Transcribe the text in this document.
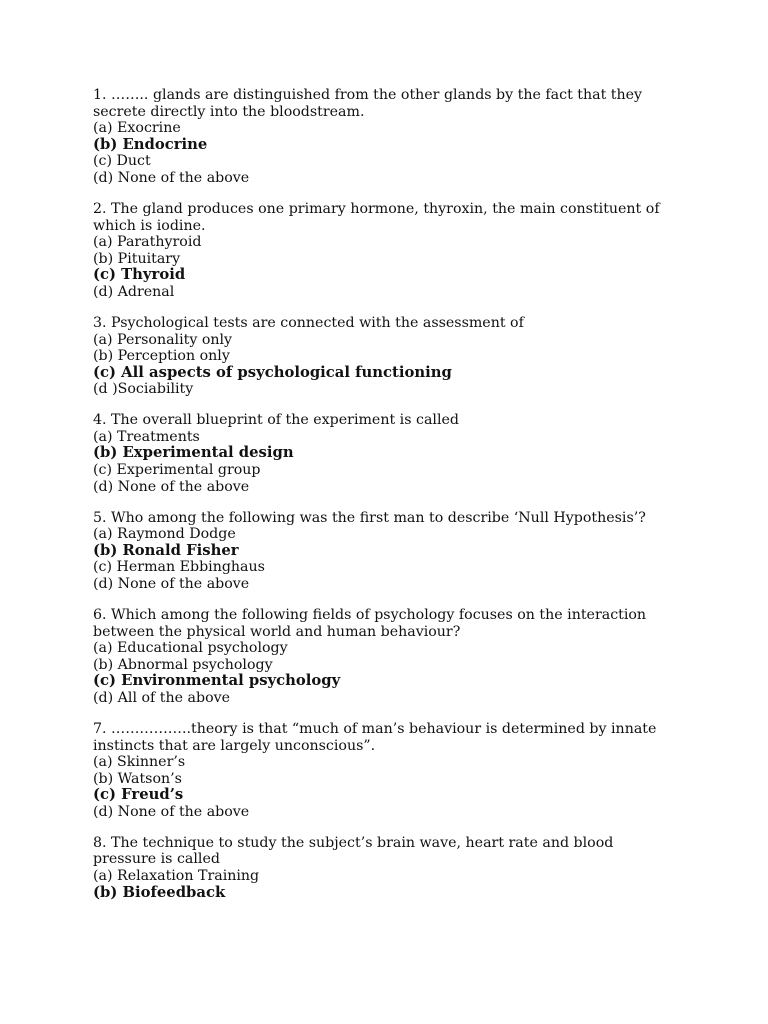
1. …….. glands are distinguished from the other glands by the fact that they secrete directly into the bloodstream.
(a) Exocrine
(b) Endocrine
(c) Duct
(d) None of the above
2. The gland produces one primary hormone, thyroxin, the main constituent of which is iodine.
(a) Parathyroid
(b) Pituitary
(c) Thyroid
(d) Adrenal
3. Psychological tests are connected with the assessment of
(a) Personality only
(b) Perception only
(c) All aspects of psychological functioning
(d )Sociability
4. The overall blueprint of the experiment is called
(a) Treatments
(b) Experimental design
(c) Experimental group
(d) None of the above
5. Who among the following was the first man to describe ‘Null Hypothesis’?
(a) Raymond Dodge
(b) Ronald Fisher
(c) Herman Ebbinghaus
(d) None of the above
6. Which among the following fields of psychology focuses on the interaction between the physical world and human behaviour?
(a) Educational psychology
(b) Abnormal psychology
(c) Environmental psychology
(d) All of the above
7. ……………..theory is that “much of man’s behaviour is determined by innate instincts that are largely unconscious”.
(a) Skinner’s
(b) Watson’s
(c) Freud’s
(d) None of the above
8. The technique to study the subject’s brain wave, heart rate and blood pressure is called
(a) Relaxation Training
(b) Biofeedback
